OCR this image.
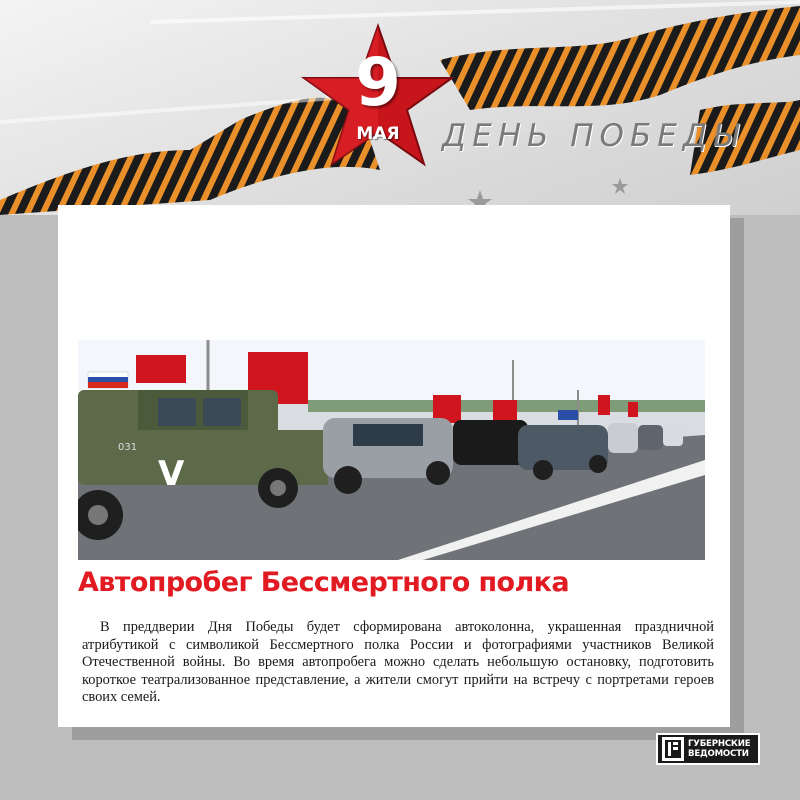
9
МАЯ	ДЕНЬ ПОБЕДЫ
031
V
Автопробег Бессмертного полка
В преддверии Дня Победы будет сформирована автоколонна, украшенная праздничной атрибутикой с символикой Бессмертного полка России и фотографиями участников Великой Отечественной войны. Во время автопробега можно сделать небольшую остановку, подготовить короткое театрализованное представление, а жители смогут прийти на встречу с портретами героев своих семей.
ГУБЕРНСКИЕ
ВЕДОМОСТИ
